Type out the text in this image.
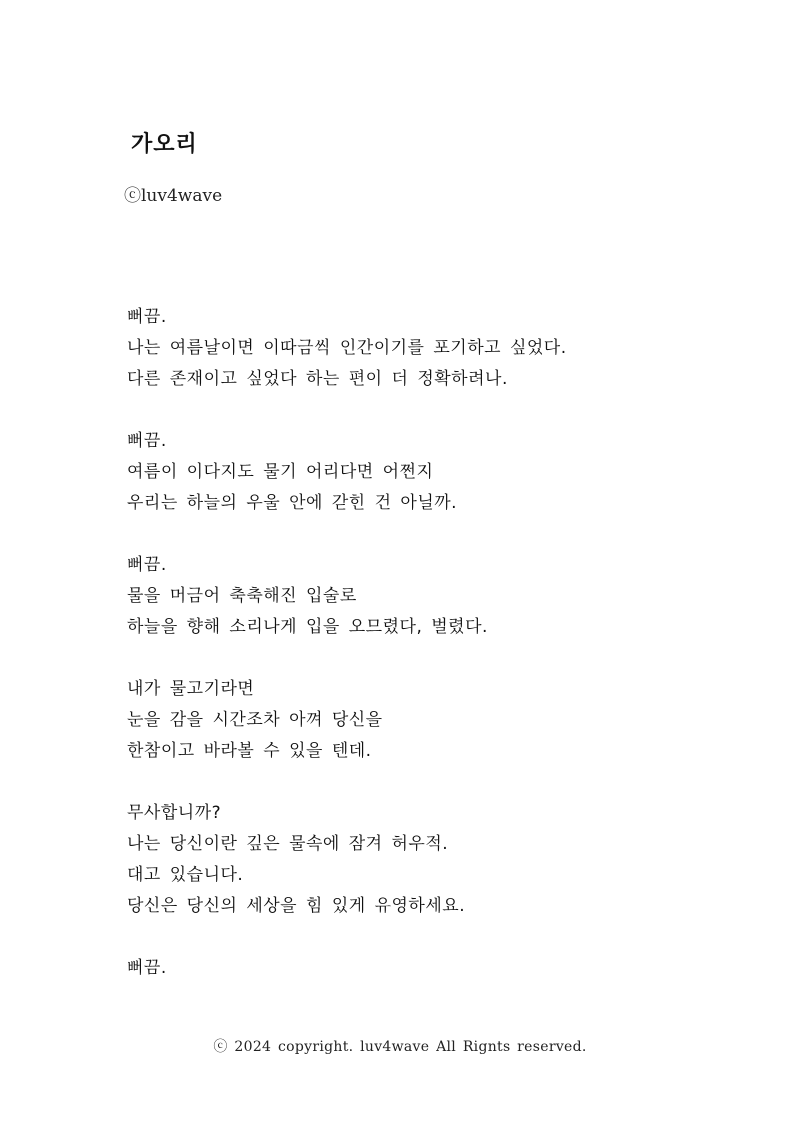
가오리
ⓒluv4wave
뻐끔.
나는 여름날이면 이따금씩 인간이기를 포기하고 싶었다.
다른 존재이고 싶었다 하는 편이 더 정확하려나.
뻐끔.
여름이 이다지도 물기 어리다면 어쩐지
우리는 하늘의 우울 안에 갇힌 건 아닐까.
뻐끔.
물을 머금어 축축해진 입술로
하늘을 향해 소리나게 입을 오므렸다, 벌렸다.
내가 물고기라면
눈을 감을 시간조차 아껴 당신을
한참이고 바라볼 수 있을 텐데.
무사합니까?
나는 당신이란 깊은 물속에 잠겨 허우적.
대고 있습니다.
당신은 당신의 세상을 힘 있게 유영하세요.
뻐끔.
ⓒ 2024 copyright. luv4wave All Rignts reserved.
